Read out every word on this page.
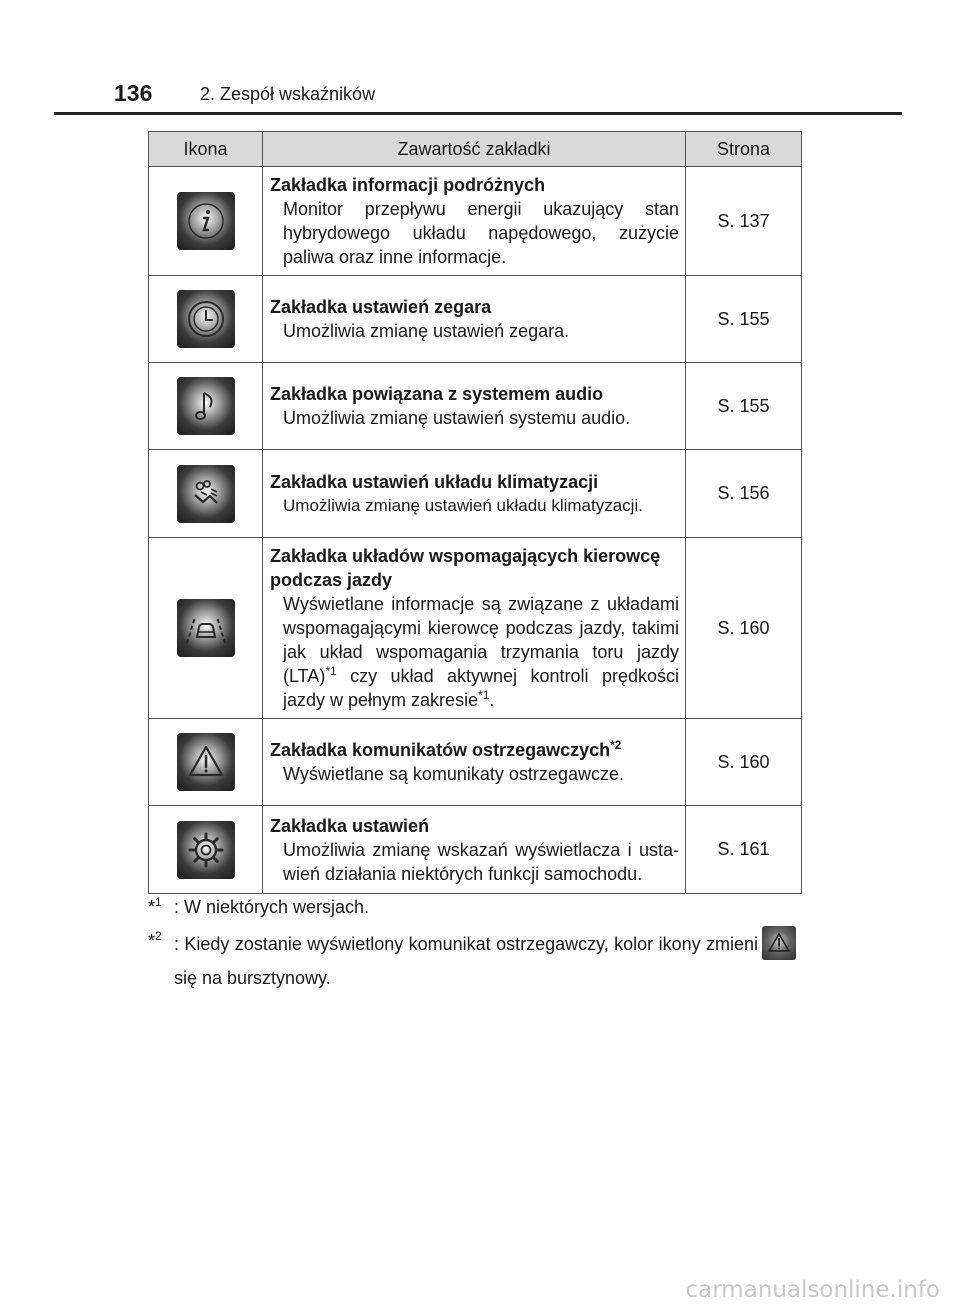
136	2. Zespół wskaźników
Ikona	Zawartość zakładki	Strona

Zakładka informacji podróżnych
Monitor przepływu energii ukazujący stan hybrydowego układu napędowego, zużycie paliwa oraz inne informacje.	S. 137

Zakładka ustawień zegara
Umożliwia zmianę ustawień zegara.	S. 155

Zakładka powiązana z systemem audio
Umożliwia zmianę ustawień systemu audio.	S. 155

Zakładka ustawień układu klimatyzacji
Umożliwia zmianę ustawień układu klimatyzacji.	S. 156

Zakładka układów wspomagających kierowcę podczas jazdy
Wyświetlane informacje są związane z układami wspomagającymi kierowcę podczas jazdy, takimi jak układ wspomagania trzymania toru jazdy (LTA)$^{*1}$ czy układ aktywnej kontroli prędkości jazdy w pełnym zakresie$^{*1}$.	S. 160

Zakładka komunikatów ostrzegawczych$^{*2}$
Wyświetlane są komunikaty ostrzegawcze.	S. 160

Zakładka ustawień
Umożliwia zmianę wskazań wyświetlacza i ustawień działania niektórych funkcji samochodu.	S. 161
*$^1$ : W niektórych wersjach.
*$^2$ : Kiedy zostanie wyświetlony komunikat ostrzegawczy, kolor ikony zmieni się na bursztynowy.
carmanualsonline.info
